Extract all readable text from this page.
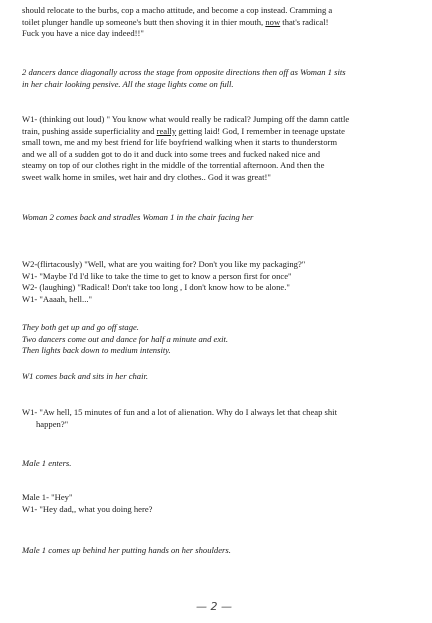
should relocate to the burbs, cop a macho attitude, and become a cop instead. Cramming a
toilet plunger handle up someone's butt then shoving it in thier mouth, now that's radical!
Fuck you have a nice day indeed!!"
2 dancers dance diagonally across the stage from opposite directions then off as Woman 1 sits
in her chair looking pensive. All the stage lights come on full.
W1- (thinking out loud) " You know what would really be radical? Jumping off the damn cattle
train, pushing asside superficiality and really getting laid! God, I remember in teenage upstate
small town, me and my best friend for life boyfriend walking when it starts to thunderstorm
and we all of a sudden got to do it and duck into some trees and fucked naked nice and
steamy on top of our clothes right in the middle of the torrential afternoon. And then the
sweet walk home in smiles, wet hair and dry clothes.. God it was great!"
Woman 2 comes back and stradles Woman 1 in the chair facing her
W2-(flirtacously) "Well, what are you waiting for? Don't you like my packaging?"
W1- "Maybe I'd I'd like to take the time to get to know a person first for once"
W2- (laughing) "Radical! Don't take too long , I don't know how to be alone."
W1- "Aaaah, hell..."
They both get up and go off stage.
Two dancers come out and dance for half a minute and exit.
Then lights back down to medium intensity.
W1 comes back and sits in her chair.
W1- "Aw hell, 15 minutes of fun and a lot of alienation. Why do I always let that cheap shit
happen?"
Male 1 enters.
Male 1- "Hey"
W1- "Hey dad,, what you doing here?
Male 1 comes up behind her putting hands on her shoulders.
— 2 —
